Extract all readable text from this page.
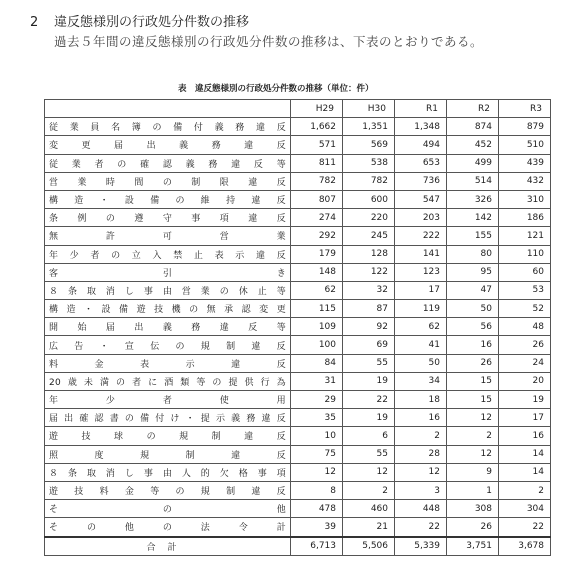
2 違反態様別の行政処分件数の推移
過去５年間の違反態様別の行政処分件数の推移は、下表のとおりである。
表　違反態様別の行政処分件数の推移（単位：件）
	H29	H30	R1	R2	R3
従業員名簿の備付義務違反	1,662	1,351	1,348	874	879
変更届出義務違反	571	569	494	452	510
従業者の確認義務違反等	811	538	653	499	439
営業時間の制限違反	782	782	736	514	432
構造・設備の維持違反	807	600	547	326	310
条例の遵守事項違反	274	220	203	142	186
無許可営業	292	245	222	155	121
年少者の立入禁止表示違反	179	128	141	80	110
客引き	148	122	123	95	60
８条取消し事由営業の休止等	62	32	17	47	53
構造・設備遊技機の無承認変更	115	87	119	50	52
開始届出義務違反等	109	92	62	56	48
広告・宣伝の規制違反	100	69	41	16	26
料金表示違反	84	55	50	26	24
20歳未満の者に酒類等の提供行為	31	19	34	15	20
年少者使用	29	22	18	15	19
届出確認書の備付け・提示義務違反	35	19	16	12	17
遊技球の規制違反	10	6	2	2	16
照度規制違反	75	55	28	12	14
８条取消し事由人的欠格事項	12	12	12	9	14
遊技料金等の規制違反	8	2	3	1	2
その他	478	460	448	308	304
その他の法令計	39	21	22	26	22
合計	6,713	5,506	5,339	3,751	3,678
